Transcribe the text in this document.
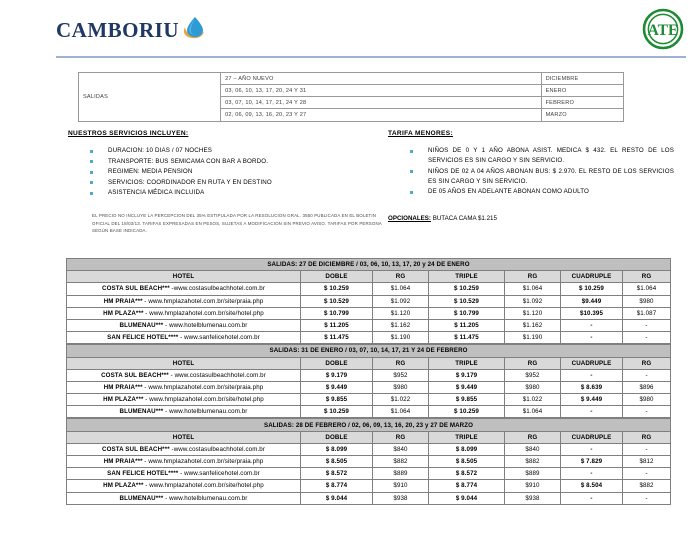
CAMBORIU	ATE
SALIDAS	27 – AÑO NUEVO	DICIEMBRE
	03, 06, 10, 13, 17, 20, 24 Y 31	ENERO
	03, 07, 10, 14, 17, 21, 24 Y 28	FEBRERO
	02, 06, 09, 13, 16, 20, 23 Y 27	MARZO
NUESTROS SERVICIOS INCLUYEN:
DURACION: 10 DIAS / 07 NOCHES
TRANSPORTE: BUS SEMICAMA CON BAR A BORDO.
REGIMEN: MEDIA PENSION
SERVICIOS: COORDINADOR EN RUTA Y EN DESTINO
ASISTENCIA MÉDICA INCLUIDA
TARIFA MENORES:
NIÑOS DE 0 Y 1 AÑO ABONA ASIST. MEDICA $ 432. EL RESTO DE LOS SERVICIOS ES SIN CARGO Y SIN SERVICIO.
NIÑOS DE 02 A 04 AÑOS ABONAN BUS: $ 2.970. EL RESTO DE LOS SERVICIOS ES SIN CARGO Y SIN SERVICIO.
DE 05 AÑOS EN ADELANTE ABONAN COMO ADULTO
EL PRECIO NO INCLUYE LA PERCEPCION DEL 35% ESTIPULADA POR LA RESOLUCION GRAL. 3550 PUBLICADA EN EL BOLETIN OFICIAL DEL 18/03/13. TARIFAS EXPRESADAS EN PESOS, SUJETAS A MODIFICACION SIN PREVIO AVISO. TARIFAS POR PERSONA SEGÚN BASE INDICADA.
OPCIONALES: BUTACA CAMA $1.215
SALIDAS: 27 DE DICIEMBRE / 03, 06, 10, 13, 17, 20 y 24 DE ENERO						
HOTEL	DOBLE	RG	TRIPLE	RG	CUADRUPLE	RG
COSTA SUL BEACH*** -www.costasulbeachhotel.com.br	$ 10.259	$1.064	$ 10.259	$1.064	$ 10.259	$1.064
HM PRAIA*** - www.hmplazahotel.com.br/site/praia.php	$ 10.529	$1.092	$ 10.529	$1.092	$9.449	$980
HM PLAZA*** - www.hmplazahotel.com.br/site/hotel.php	$ 10.799	$1.120	$ 10.799	$1.120	$10.395	$1.087
BLUMENAU*** - www.hotelblumenau.com.br	$ 11.205	$1.162	$ 11.205	$1.162	-	-
SAN FELICE HOTEL**** - www.sanfelicehotel.com.br	$ 11.475	$1.190	$ 11.475	$1.190	-	-
SALIDAS: 31 DE ENERO / 03, 07, 10, 14, 17, 21 Y 24 DE FEBRERO						
HOTEL	DOBLE	RG	TRIPLE	RG	CUADRUPLE	RG
COSTA SUL BEACH*** - www.costasulbeachhotel.com.br	$ 9.179	$952	$ 9.179	$952	-	-
HM PRAIA*** - www.hmplazahotel.com.br/site/praia.php	$ 9.449	$980	$ 9.449	$980	$ 8.639	$896
HM PLAZA*** - www.hmplazahotel.com.br/site/hotel.php	$ 9.855	$1.022	$ 9.855	$1.022	$ 9.449	$980
BLUMENAU*** - www.hotelblumenau.com.br	$ 10.259	$1.064	$ 10.259	$1.064	-	-
SALIDAS: 28 DE FEBRERO / 02, 06, 09, 13, 16, 20, 23 y 27 DE MARZO						
HOTEL	DOBLE	RG	TRIPLE	RG	CUADRUPLE	RG
COSTA SUL BEACH*** -www.costasulbeachhotel.com.br	$ 8.099	$840	$ 8.099	$840	-	-
HM PRAIA*** - www.hmplazahotel.com.br/site/praia.php	$ 8.505	$882	$ 8.505	$882	$ 7.829	$812
SAN FELICE HOTEL**** - www.sanfelicehotel.com.br	$ 8.572	$889	$ 8.572	$889	-	-
HM PLAZA*** - www.hmplazahotel.com.br/site/hotel.php	$ 8.774	$910	$ 8.774	$910	$ 8.504	$882
BLUMENAU*** - www.hotelblumenau.com.br	$ 9.044	$938	$ 9.044	$938	-	-
